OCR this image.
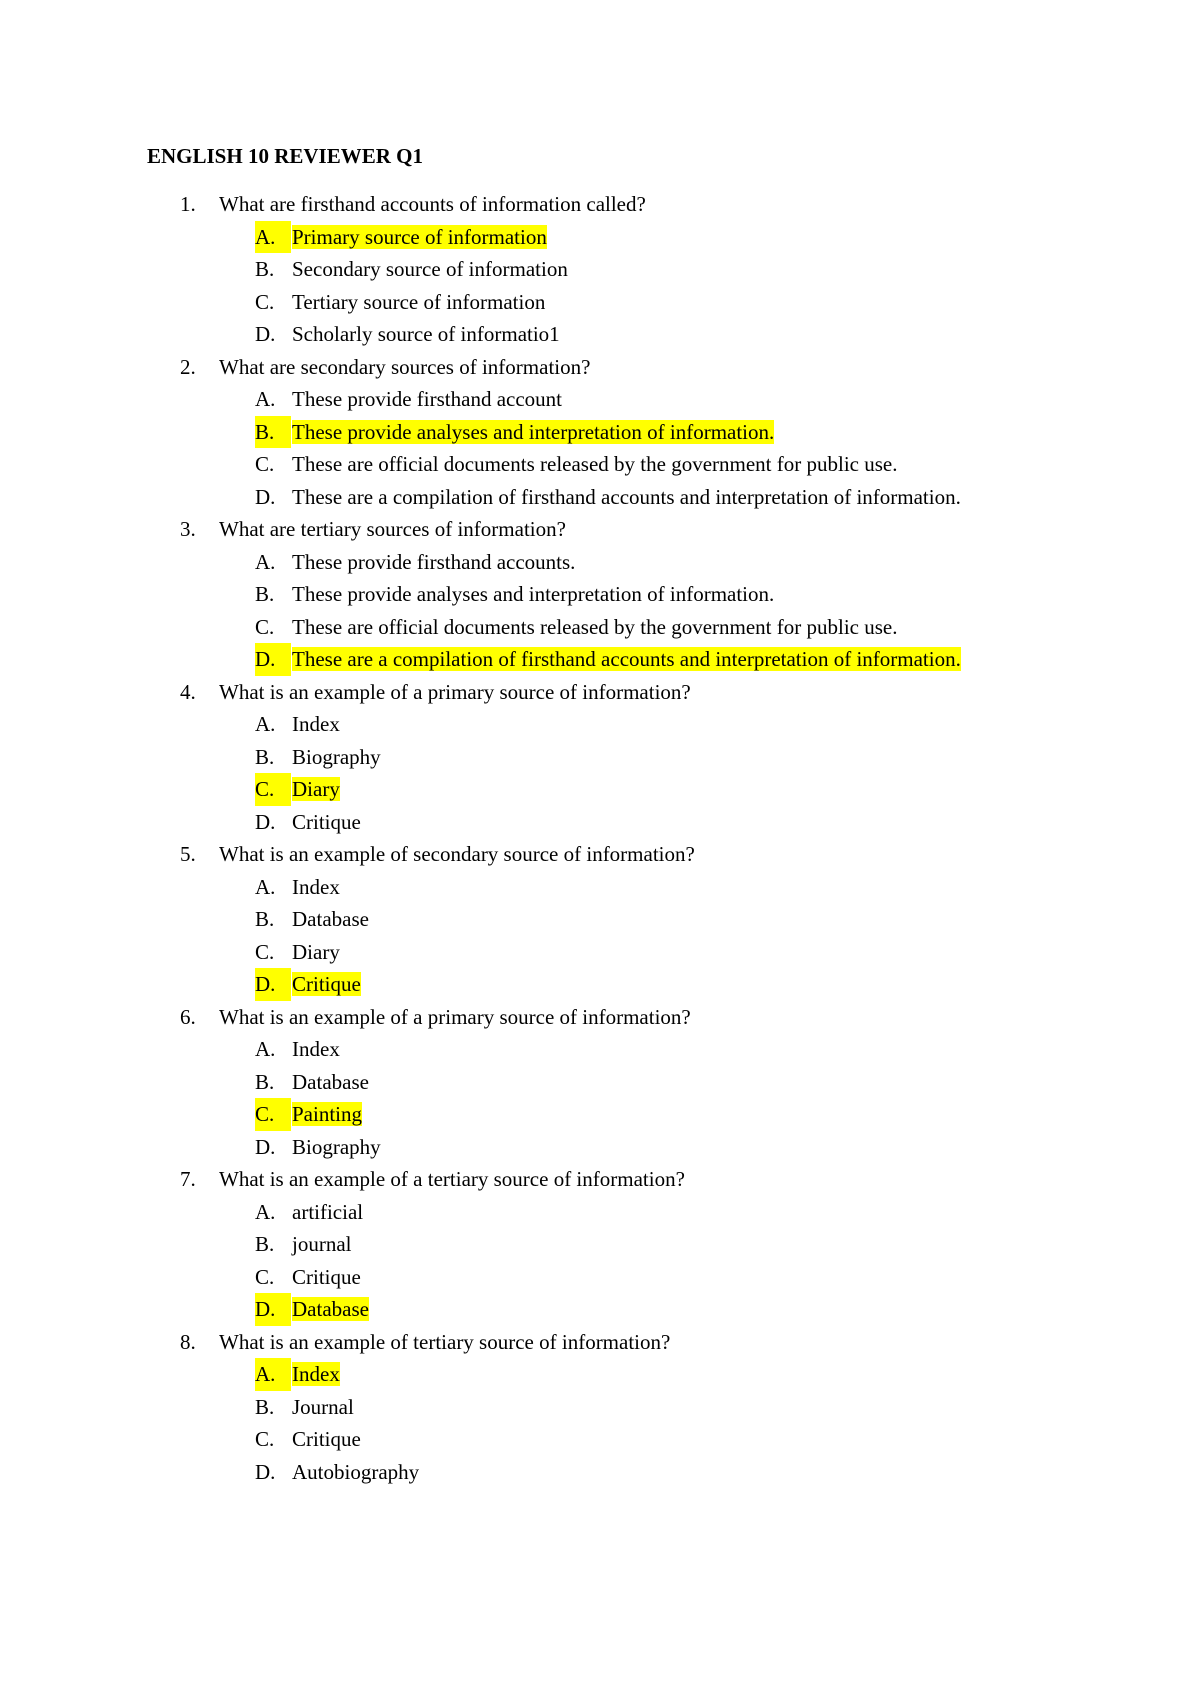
ENGLISH 10 REVIEWER Q1
1. What are firsthand accounts of information called?
A. Primary source of information
B. Secondary source of information
C. Tertiary source of information
D. Scholarly source of informatio1
2. What are secondary sources of information?
A. These provide firsthand account
B. These provide analyses and interpretation of information.
C. These are official documents released by the government for public use.
D. These are a compilation of firsthand accounts and interpretation of information.
3. What are tertiary sources of information?
A. These provide firsthand accounts.
B. These provide analyses and interpretation of information.
C. These are official documents released by the government for public use.
D. These are a compilation of firsthand accounts and interpretation of information.
4. What is an example of a primary source of information?
A. Index
B. Biography
C. Diary
D. Critique
5. What is an example of secondary source of information?
A. Index
B. Database
C. Diary
D. Critique
6. What is an example of a primary source of information?
A. Index
B. Database
C. Painting
D. Biography
7. What is an example of a tertiary source of information?
A. artificial
B. journal
C. Critique
D. Database
8. What is an example of tertiary source of information?
A. Index
B. Journal
C. Critique
D. Autobiography
